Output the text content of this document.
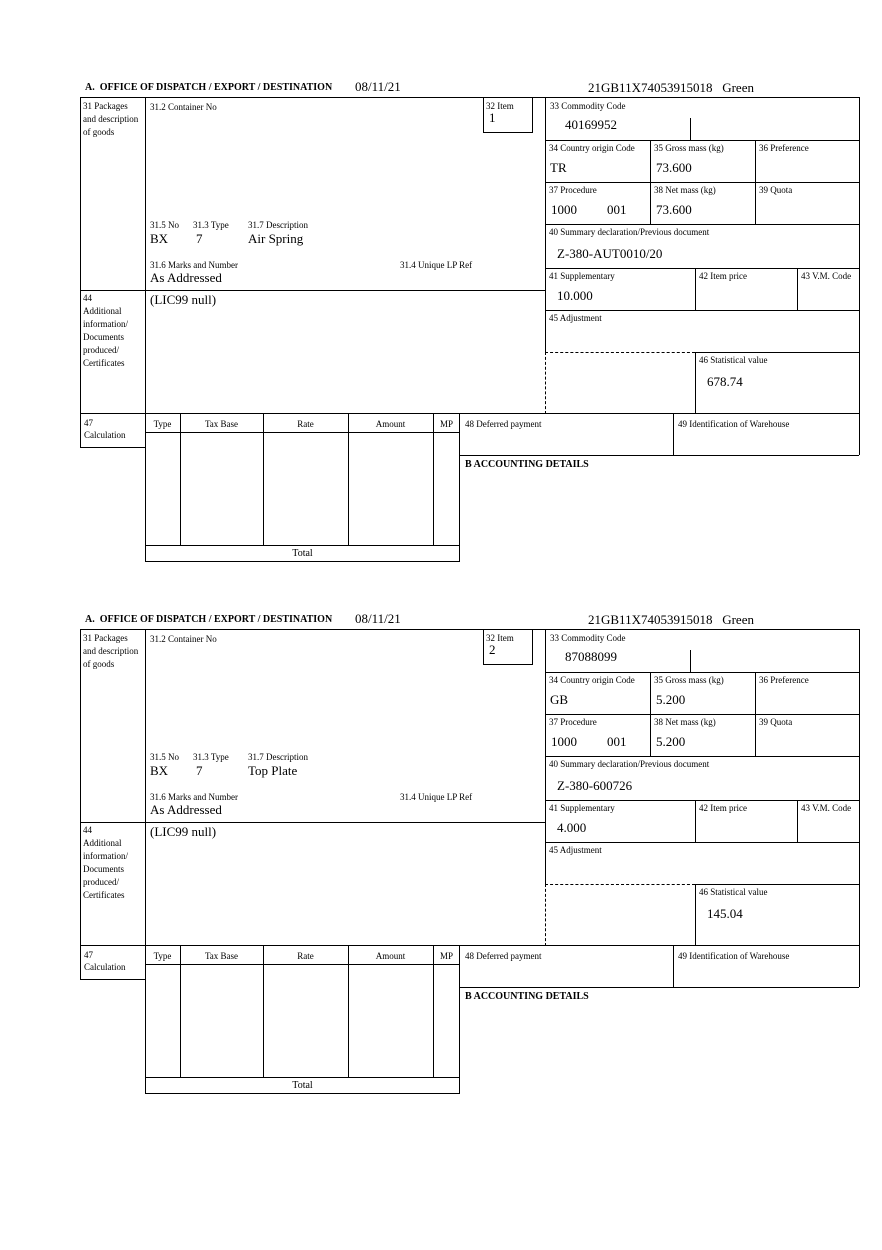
A.  OFFICE OF DISPATCH / EXPORT / DESTINATION 08/11/21	21GB11X74053915018   Green
31 Packages and description of goods
44
Additional information/ Documents produced/ Certificates
31.2 Container No	32 Item
1
31.5 No 31.3 Type 31.7 Description
BX 7	Air Spring
31.6 Marks and Number	31.4 Unique LP Ref
As Addressed
(LIC99 null)
33 Commodity Code
40169952
34 Country origin Code
TR
35 Gross mass (kg)
73.600
36 Preference
37 Procedure
1000 001
38 Net mass (kg)
73.600
39 Quota
40 Summary declaration/Previous document
Z-380-AUT0010/20
41 Supplementary
10.000
42 Item price	43 V.M. Code
45 Adjustment
46 Statistical value
678.74
47
Calculation
Type	Tax Base	Rate	Amount	MP
Total
48 Deferred payment	49 Identification of Warehouse
B ACCOUNTING DETAILS
A.  OFFICE OF DISPATCH / EXPORT / DESTINATION 08/11/21	21GB11X74053915018   Green
31 Packages and description of goods
44
Additional information/ Documents produced/ Certificates
31.2 Container No	32 Item
2
31.5 No 31.3 Type 31.7 Description
BX 7	Top Plate
31.6 Marks and Number	31.4 Unique LP Ref
As Addressed
(LIC99 null)
33 Commodity Code
87088099
34 Country origin Code
GB
35 Gross mass (kg)
5.200
36 Preference
37 Procedure
1000 001
38 Net mass (kg)
5.200
39 Quota
40 Summary declaration/Previous document
Z-380-600726
41 Supplementary
4.000
42 Item price	43 V.M. Code
45 Adjustment
46 Statistical value
145.04
47
Calculation
Type	Tax Base	Rate	Amount	MP
Total
48 Deferred payment	49 Identification of Warehouse
B ACCOUNTING DETAILS
